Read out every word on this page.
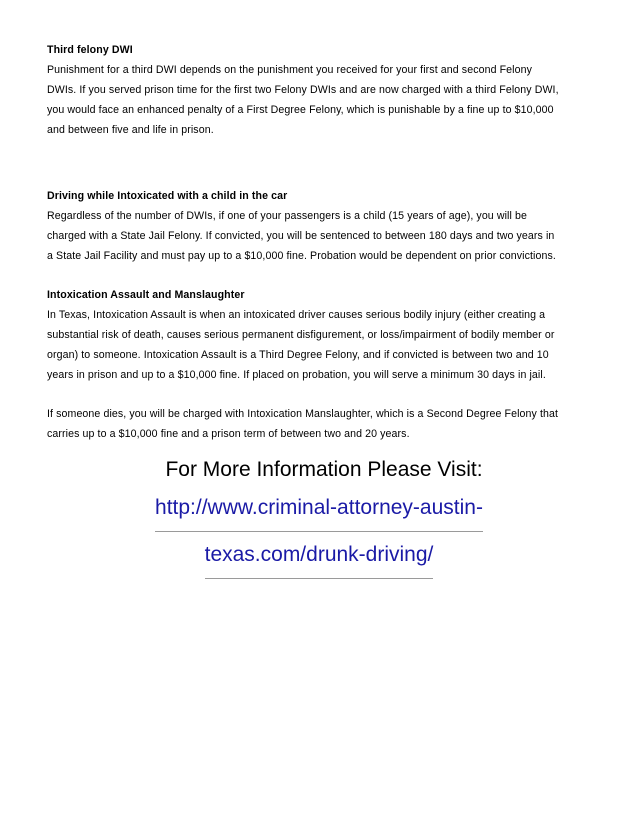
Third felony DWI

Punishment for a third DWI depends on the punishment you received for your first and second Felony

DWIs. If you served prison time for the first two Felony DWIs and are now charged with a third Felony DWI,

you would face an enhanced penalty of a First Degree Felony, which is punishable by a fine up to $10,000

and between five and life in prison.

Driving while Intoxicated with a child in the car

Regardless of the number of DWIs, if one of your passengers is a child (15 years of age), you will be

charged with a State Jail Felony. If convicted, you will be sentenced to between 180 days and two years in

a State Jail Facility and must pay up to a $10,000 fine. Probation would be dependent on prior convictions.

Intoxication Assault and Manslaughter

In Texas, Intoxication Assault is when an intoxicated driver causes serious bodily injury (either creating a

substantial risk of death, causes serious permanent disfigurement, or loss/impairment of bodily member or

organ) to someone. Intoxication Assault is a Third Degree Felony, and if convicted is between two and 10

years in prison and up to a $10,000 fine. If placed on probation, you will serve a minimum 30 days in jail.

If someone dies, you will be charged with Intoxication Manslaughter, which is a Second Degree Felony that

carries up to a $10,000 fine and a prison term of between two and 20 years.

For More Information Please Visit:

http://www.criminal-attorney-austin-
texas.com/drunk-driving/
